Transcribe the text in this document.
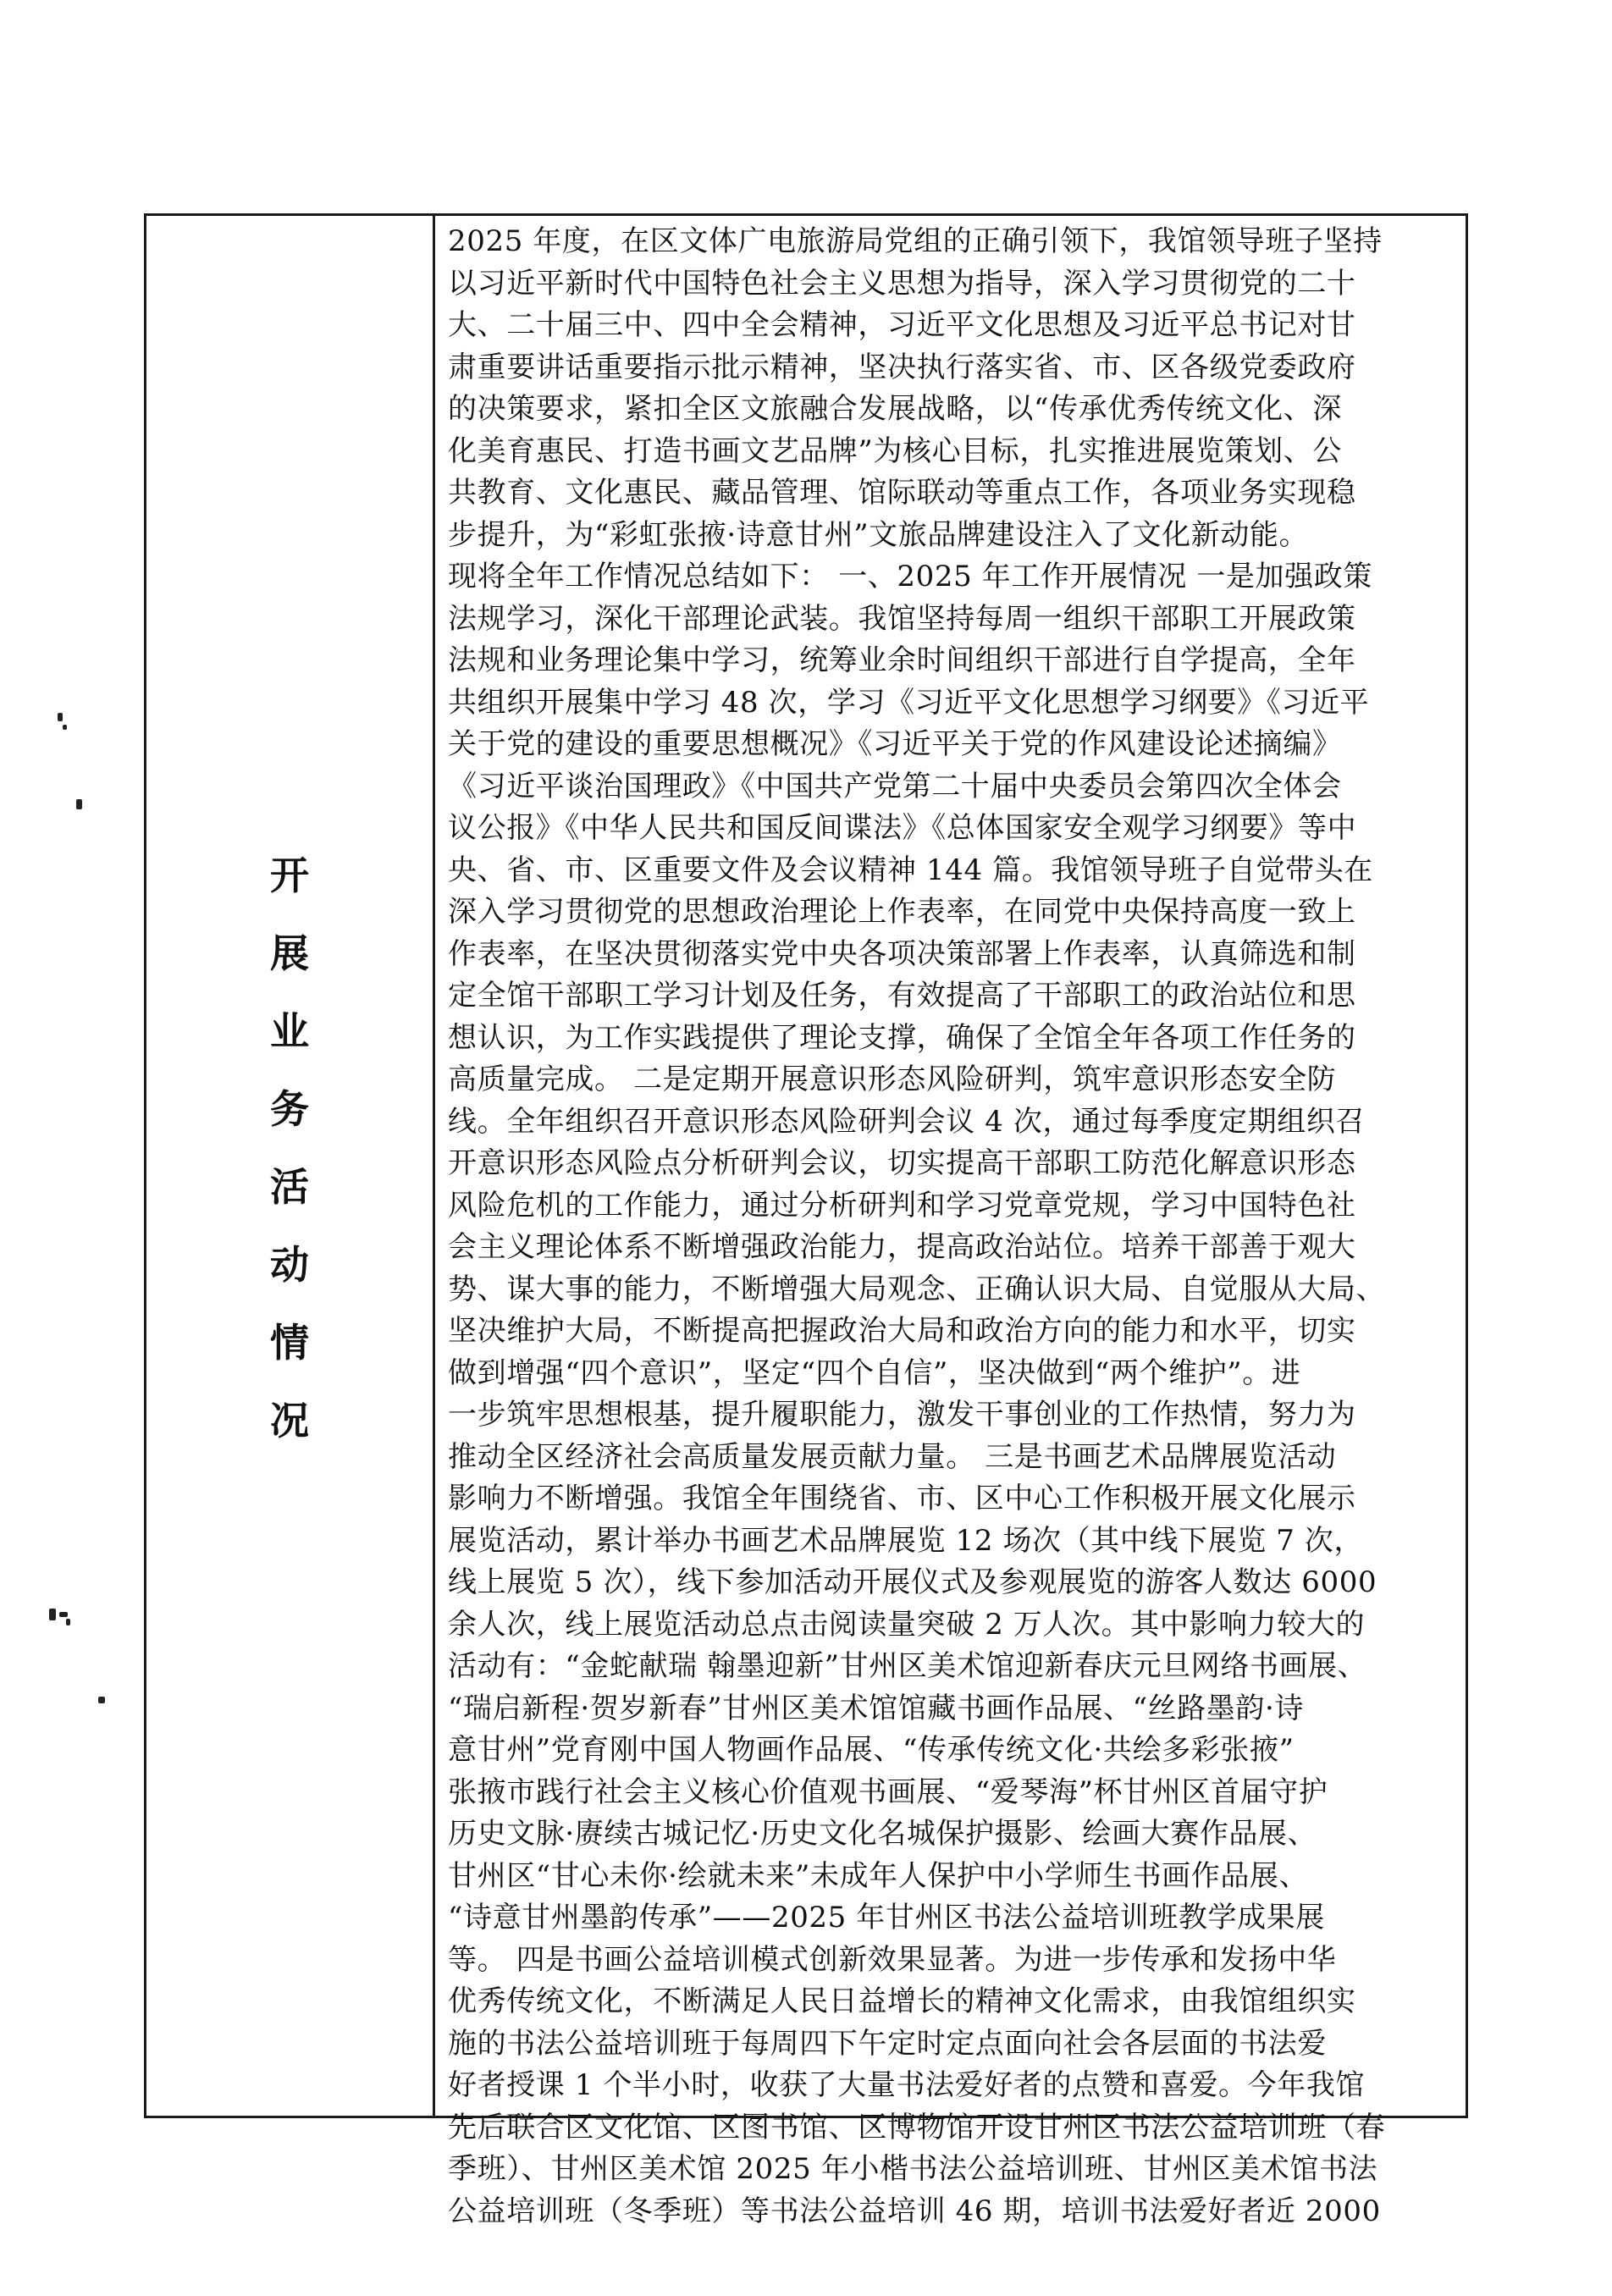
开
展
业
务
活
动
情
况
2025 年度，在区文体广电旅游局党组的正确引领下，我馆领导班子坚持
以习近平新时代中国特色社会主义思想为指导，深入学习贯彻党的二十
大、二十届三中、四中全会精神，习近平文化思想及习近平总书记对甘
肃重要讲话重要指示批示精神，坚决执行落实省、市、区各级党委政府
的决策要求，紧扣全区文旅融合发展战略，以“传承优秀传统文化、深
化美育惠民、打造书画文艺品牌”为核心目标，扎实推进展览策划、公
共教育、文化惠民、藏品管理、馆际联动等重点工作，各项业务实现稳
步提升，为“彩虹张掖·诗意甘州”文旅品牌建设注入了文化新动能。
现将全年工作情况总结如下： 一、2025 年工作开展情况 一是加强政策
法规学习，深化干部理论武装。我馆坚持每周一组织干部职工开展政策
法规和业务理论集中学习，统筹业余时间组织干部进行自学提高，全年
共组织开展集中学习 48 次，学习《习近平文化思想学习纲要》《习近平
关于党的建设的重要思想概况》《习近平关于党的作风建设论述摘编》
《习近平谈治国理政》《中国共产党第二十届中央委员会第四次全体会
议公报》《中华人民共和国反间谍法》《总体国家安全观学习纲要》等中
央、省、市、区重要文件及会议精神 144 篇。我馆领导班子自觉带头在
深入学习贯彻党的思想政治理论上作表率，在同党中央保持高度一致上
作表率，在坚决贯彻落实党中央各项决策部署上作表率，认真筛选和制
定全馆干部职工学习计划及任务，有效提高了干部职工的政治站位和思
想认识，为工作实践提供了理论支撑，确保了全馆全年各项工作任务的
高质量完成。 二是定期开展意识形态风险研判，筑牢意识形态安全防
线。全年组织召开意识形态风险研判会议 4 次，通过每季度定期组织召
开意识形态风险点分析研判会议，切实提高干部职工防范化解意识形态
风险危机的工作能力，通过分析研判和学习党章党规，学习中国特色社
会主义理论体系不断增强政治能力，提高政治站位。培养干部善于观大
势、谋大事的能力，不断增强大局观念、正确认识大局、自觉服从大局、
坚决维护大局，不断提高把握政治大局和政治方向的能力和水平，切实
做到增强“四个意识”，坚定“四个自信”，坚决做到“两个维护”。进
一步筑牢思想根基，提升履职能力，激发干事创业的工作热情，努力为
推动全区经济社会高质量发展贡献力量。 三是书画艺术品牌展览活动
影响力不断增强。我馆全年围绕省、市、区中心工作积极开展文化展示
展览活动，累计举办书画艺术品牌展览 12 场次（其中线下展览 7 次，
线上展览 5 次），线下参加活动开展仪式及参观展览的游客人数达 6000
余人次，线上展览活动总点击阅读量突破 2 万人次。其中影响力较大的
活动有：“金蛇献瑞 翰墨迎新”甘州区美术馆迎新春庆元旦网络书画展、
“瑞启新程·贺岁新春”甘州区美术馆馆藏书画作品展、“丝路墨韵·诗
意甘州”党育刚中国人物画作品展、“传承传统文化·共绘多彩张掖”
张掖市践行社会主义核心价值观书画展、“爱琴海”杯甘州区首届守护
历史文脉·赓续古城记忆·历史文化名城保护摄影、绘画大赛作品展、
甘州区“甘心未你·绘就未来”未成年人保护中小学师生书画作品展、
“诗意甘州墨韵传承”——2025 年甘州区书法公益培训班教学成果展
等。 四是书画公益培训模式创新效果显著。为进一步传承和发扬中华
优秀传统文化，不断满足人民日益增长的精神文化需求，由我馆组织实
施的书法公益培训班于每周四下午定时定点面向社会各层面的书法爱
好者授课 1 个半小时，收获了大量书法爱好者的点赞和喜爱。今年我馆
先后联合区文化馆、区图书馆、区博物馆开设甘州区书法公益培训班（春
季班）、甘州区美术馆 2025 年小楷书法公益培训班、甘州区美术馆书法
公益培训班（冬季班）等书法公益培训 46 期，培训书法爱好者近 2000
